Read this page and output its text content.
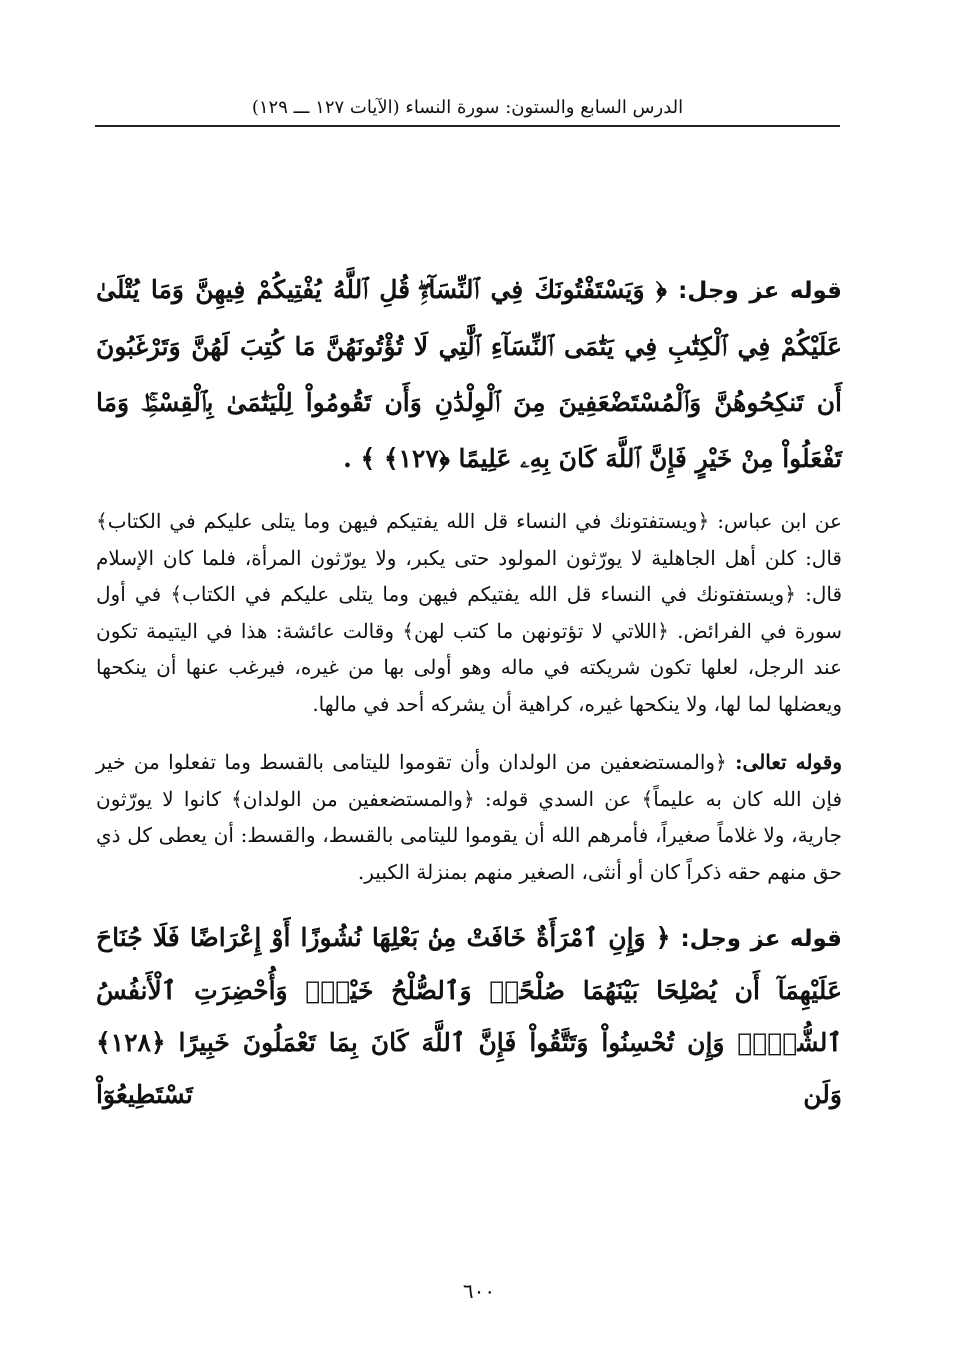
الدرس السابع والستون: سورة النساء (الآيات ١٢٧ ـــ ١٢٩)

قوله عز وجل: ﴿ وَيَسْتَفْتُونَكَ فِي ٱلنِّسَآءِۖ قُلِ ٱللَّهُ يُفْتِيكُمْ فِيهِنَّ وَمَا يُتْلَىٰ عَلَيْكُمْ فِي ٱلْكِتَٰبِ فِي يَتَٰمَى ٱلنِّسَآءِ ٱلَّٰتِي لَا تُؤْتُونَهُنَّ مَا كُتِبَ لَهُنَّ وَتَرْغَبُونَ أَن تَنكِحُوهُنَّ وَٱلْمُسْتَضْعَفِينَ مِنَ ٱلْوِلْدَٰنِ وَأَن تَقُومُواْ لِلْيَتَٰمَىٰ بِٱلْقِسْطِۚ وَمَا تَفْعَلُواْ مِنْ خَيْرٍ فَإِنَّ ٱللَّهَ كَانَ بِهِۦ عَلِيمًا ﴿١٢٧﴾ ﴾ .

عن ابن عباس: ﴿ويستفتونك في النساء قل الله يفتيكم فيهن وما يتلى عليكم في الكتاب﴾ قال: كلن أهل الجاهلية لا يورّثون المولود حتى يكبر، ولا يورّثون المرأة، فلما كان الإسلام قال: ﴿ويستفتونك في النساء قل الله يفتيكم فيهن وما يتلى عليكم في الكتاب﴾ في أول سورة في الفرائض. ﴿اللاتي لا تؤتونهن ما كتب لهن﴾ وقالت عائشة: هذا في اليتيمة تكون عند الرجل، لعلها تكون شريكته في ماله وهو أولى بها من غيره، فيرغب عنها أن ينكحها ويعضلها لما لها، ولا ينكحها غيره، كراهية أن يشركه أحد في مالها.

وقوله تعالى: ﴿والمستضعفين من الولدان وأن تقوموا لليتامى بالقسط وما تفعلوا من خير فإن الله كان به عليماً﴾ عن السدي قوله: ﴿والمستضعفين من الولدان﴾ كانوا لا يورّثون جارية، ولا غلاماً صغيراً، فأمرهم الله أن يقوموا لليتامى بالقسط، والقسط: أن يعطى كل ذي حق منهم حقه ذكراً كان أو أنثى، الصغير منهم بمنزلة الكبير.

قوله عز وجل: ﴿ وَإِنِ ٱمْرَأَةٌ خَافَتْ مِنۢ بَعْلِهَا نُشُوزًا أَوْ إِعْرَاضًا فَلَا جُنَاحَ عَلَيْهِمَآ أَن يُصْلِحَا بَيْنَهُمَا صُلْحًاۚ وَٱلصُّلْحُ خَيْرٌۗ وَأُحْضِرَتِ ٱلْأَنفُسُ ٱلشُّحَّۚ وَإِن تُحْسِنُواْ وَتَتَّقُواْ فَإِنَّ ٱللَّهَ كَانَ بِمَا تَعْمَلُونَ خَبِيرًا ﴿١٢٨﴾ وَلَن تَسْتَطِيعُوٓاْ

٦٠٠
